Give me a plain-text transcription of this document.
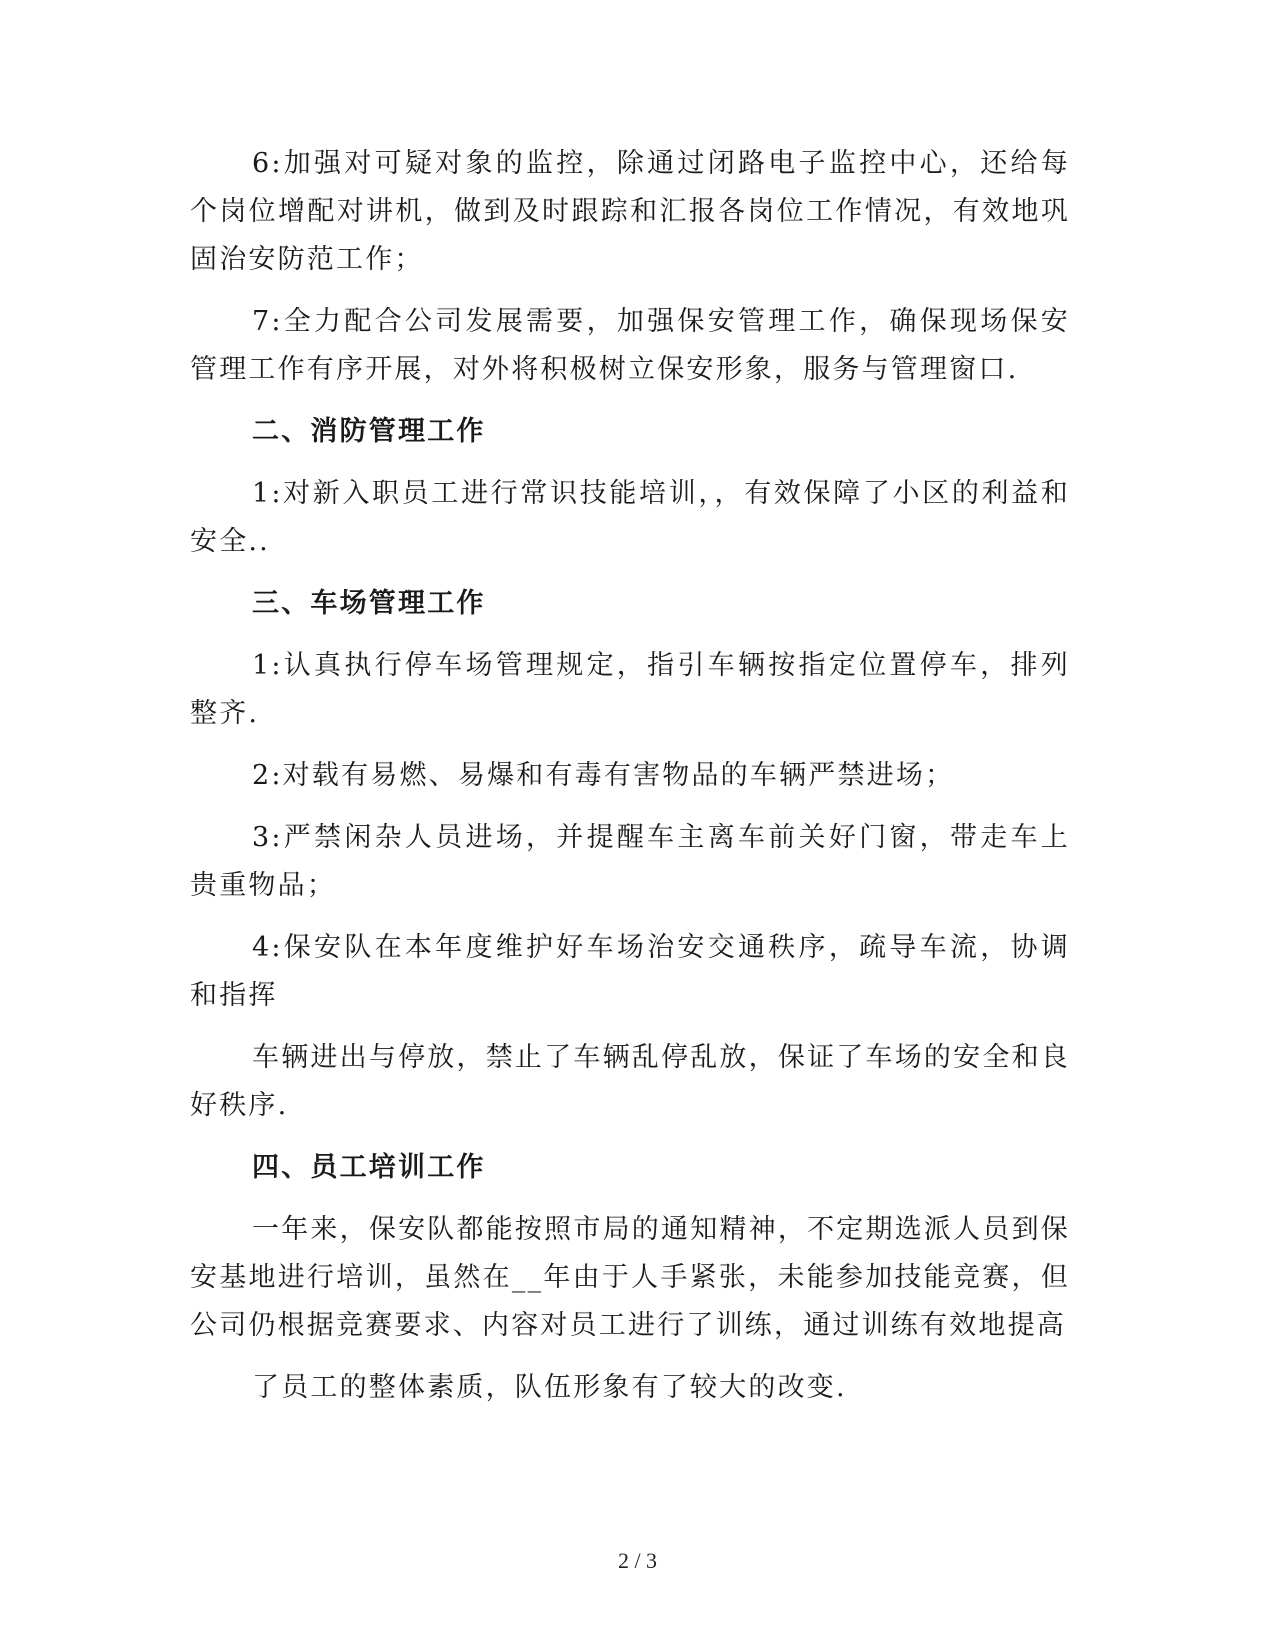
6:加强对可疑对象的监控，除通过闭路电子监控中心，还给每个岗位增配对讲机，做到及时跟踪和汇报各岗位工作情况，有效地巩固治安防范工作；

7:全力配合公司发展需要，加强保安管理工作，确保现场保安管理工作有序开展，对外将积极树立保安形象，服务与管理窗口.

二、消防管理工作

1:对新入职员工进行常识技能培训，，有效保障了小区的利益和安全..

三、车场管理工作

1:认真执行停车场管理规定，指引车辆按指定位置停车，排列整齐.

2:对载有易燃、易爆和有毒有害物品的车辆严禁进场；

3:严禁闲杂人员进场，并提醒车主离车前关好门窗，带走车上贵重物品；

4:保安队在本年度维护好车场治安交通秩序，疏导车流，协调和指挥

车辆进出与停放，禁止了车辆乱停乱放，保证了车场的安全和良好秩序.

四、员工培训工作

一年来，保安队都能按照市局的通知精神，不定期选派人员到保安基地进行培训，虽然在__年由于人手紧张，未能参加技能竞赛，但公司仍根据竞赛要求、内容对员工进行了训练，通过训练有效地提高

了员工的整体素质，队伍形象有了较大的改变.

2 / 3
